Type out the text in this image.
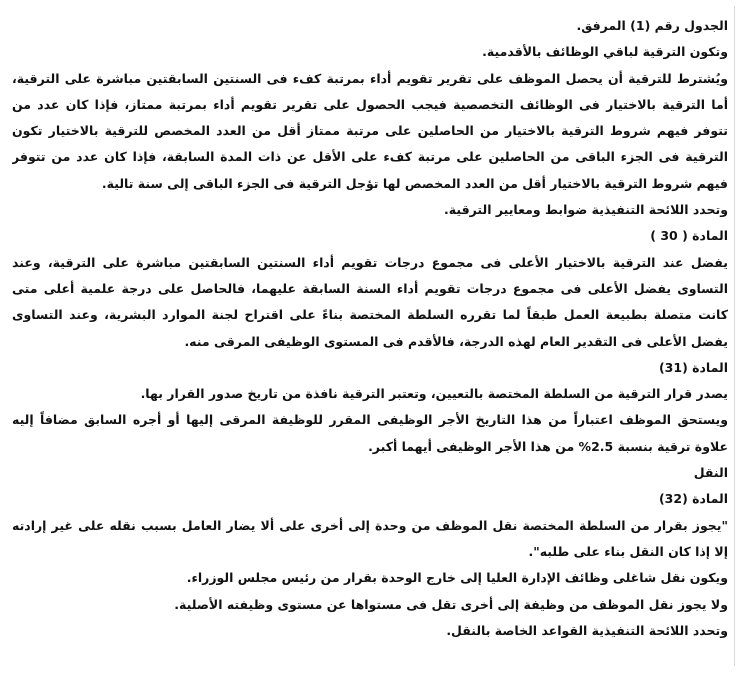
الجدول رقم (1) المرفق.
وتكون الترقية لباقي الوظائف بالأقدمية.
ويُشترط للترقية أن يحصل الموظف على تقرير تقويم أداء بمرتبة كفء فى السنتين السابقتين مباشرة على الترقية،
أما الترقية بالاختيار فى الوظائف التخصصية فيجب الحصول على تقرير تقويم أداء بمرتبة ممتاز، فإذا كان عدد من
تتوفر فيهم شروط الترقية بالاختيار من الحاصلين على مرتبة ممتاز أقل من العدد المخصص للترقية بالاختيار تكون
الترقية فى الجزء الباقى من الحاصلين على مرتبة كفء على الأقل عن ذات المدة السابقة، فإذا كان عدد من تتوفر
فيهم شروط الترقية بالاختيار أقل من العدد المخصص لها تؤجل الترقية فى الجزء الباقى إلى سنة تالية.
وتحدد اللائحة التنفيذية ضوابط ومعايير الترقية.
المادة ( 30 )
يفضل عند الترقية بالاختيار الأعلى فى مجموع درجات تقويم أداء السنتين السابقتين مباشرة على الترقية، وعند
التساوى يفضل الأعلى فى مجموع درجات تقويم أداء السنة السابقة عليهما، فالحاصل على درجة علمية أعلى متى
كانت متصلة بطبيعة العمل طبقاً لما تقرره السلطة المختصة بناءً على اقتراح لجنة الموارد البشرية، وعند التساوى
يفضل الأعلى فى التقدير العام لهذه الدرجة، فالأقدم فى المستوى الوظيفى المرقى منه.
المادة (31)
يصدر قرار الترقية من السلطة المختصة بالتعيين، وتعتبر الترقية نافذة من تاريخ صدور القرار بها.
ويستحق الموظف اعتباراً من هذا التاريخ الأجر الوظيفى المقرر للوظيفة المرقى إليها أو أجره السابق مضافاً إليه
علاوة ترقية بنسبة 2.5% من هذا الأجر الوظيفى أيهما أكبر.
النقل
المادة (32)
"يجوز بقرار من السلطة المختصة نقل الموظف من وحدة إلى أخرى على ألا يضار العامل بسبب نقله على غير إرادته
إلا إذا كان النقل بناء على طلبه".
ويكون نقل شاغلى وظائف الإدارة العليا إلى خارج الوحدة بقرار من رئيس مجلس الوزراء.
ولا يجوز نقل الموظف من وظيفة إلى أخرى تقل فى مستواها عن مستوى وظيفته الأصلية.
وتحدد اللائحة التنفيذية القواعد الخاصة بالنقل.
